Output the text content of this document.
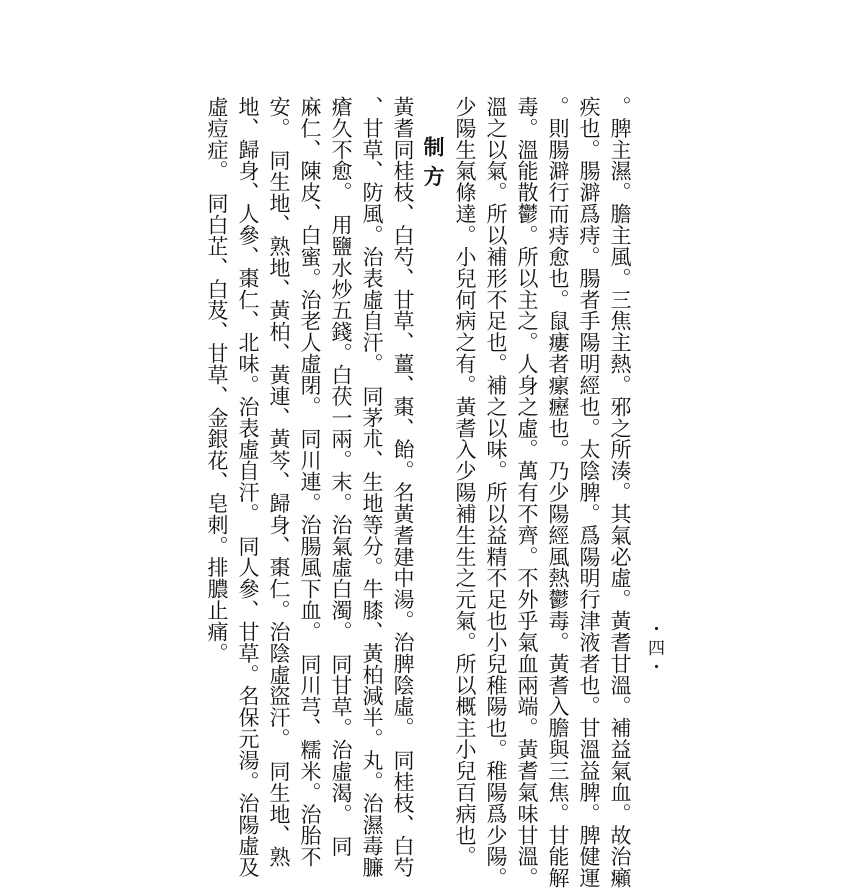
。脾主濕。膽主風。三焦主熱。邪之所湊。其氣必虛。黃耆甘溫。補益氣血。故治癩
疾也。腸澼爲痔。腸者手陽明經也。太陰脾。爲陽明行津液者也。甘溫益脾。脾健運
。則腸澼行而痔愈也。鼠瘻者瘰癧也。乃少陽經風熱鬱毒。黃耆入膽與三焦。甘能解
毒。溫能散鬱。所以主之。人身之虛。萬有不齊。不外乎氣血兩端。黃耆氣味甘溫。
溫之以氣。所以補形不足也。補之以味。所以益精不足也小兒稚陽也。稚陽爲少陽。
少陽生氣條達。小兒何病之有。黃耆入少陽補生生之元氣。所以概主小兒百病也。
制方
黃耆同桂枝、白芍、甘草、薑、棗、飴。名黃耆建中湯。治脾陰虛。　同桂枝、白芍
、甘草、防風。治表虛自汗。　同茅朮、生地等分。牛膝、黃柏減半。丸。治濕毒臁
瘡久不愈。　用鹽水炒五錢。白茯一兩。末。治氣虛白濁。　同甘草。治虛渴。　同
麻仁、陳皮、白蜜。治老人虛閉。　同川連。治腸風下血。　同川芎、糯米。治胎不
安。　同生地、熟地、黃柏、黃連、黃芩、歸身、棗仁。治陰虛盜汗。　同生地、熟
地、歸身、人參、棗仁、北味。治表虛自汗。　同人參、甘草。名保元湯。治陽虛及
虛痘症。　同白芷、白芨、甘草、金銀花、皂刺。排膿止痛。	・四・
